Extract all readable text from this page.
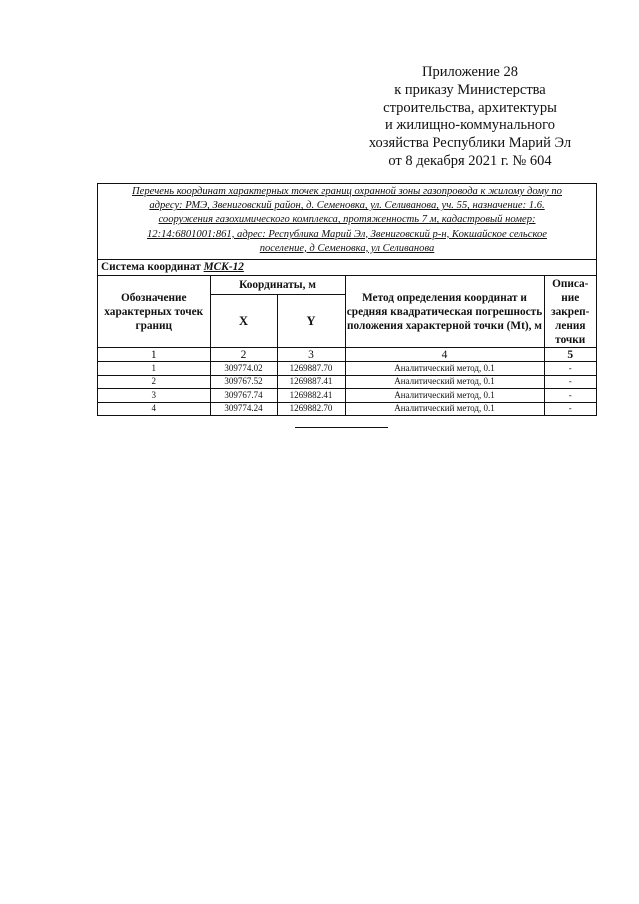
Приложение 28
к приказу Министерства
строительства, архитектуры
и жилищно-коммунального
хозяйства Республики Марий Эл
от 8 декабря 2021 г. № 604
Перечень координат характерных точек границ охранной зоны газопровода к жилому дому по
адресу: РМЭ, Звениговский район, д. Семеновка, ул. Селиванова, уч. 55, назначение: 1.6.
сооружения газохимического комплекса, протяженность 7 м, кадастровый номер:
12:14:6801001:861, адрес: Республика Марий Эл, Звениговский р-н, Кокшайское сельское
поселение, д Семеновка, ул Селиванова
Система координат МСК-12
Обозначение характерных точек границ	Координаты, м		Метод определения координат и средняя квадратическая погрешность положения характерной точки (Mt), м	Описа-ние закреп-ления точки
	X	Y		
1	2	3	4	5
1	309774.02	1269887.70	Аналитический метод, 0.1	-
2	309767.52	1269887.41	Аналитический метод, 0.1	-
3	309767.74	1269882.41	Аналитический метод, 0.1	-
4	309774.24	1269882.70	Аналитический метод, 0.1	-
